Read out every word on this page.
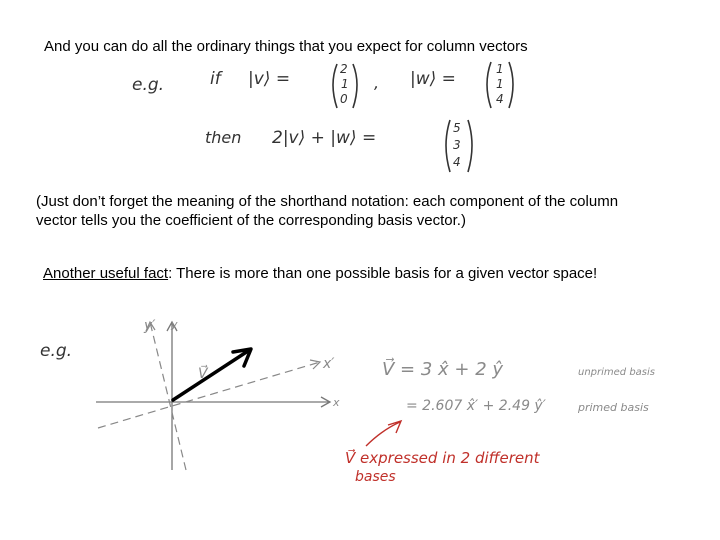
And you can do all the ordinary things that you expect for column vectors
(Just don’t forget the meaning of the shorthand notation: each component of the column
vector tells you the coefficient of the corresponding basis vector.)
Another useful fact: There is more than one possible basis for a given vector space!
e.g.	if |v⟩ =	2
1
0
, |w⟩ =	1
1
4
then 2|v⟩ + |w⟩ =	5
3
4
e.g.
x
y
x′
y′
V⃗	V⃗ = 3 x̂ + 2 ŷ	unprimed basis
= 2.607 x̂′ + 2.49 ŷ′	primed basis
V⃗ expressed in 2 different
bases
